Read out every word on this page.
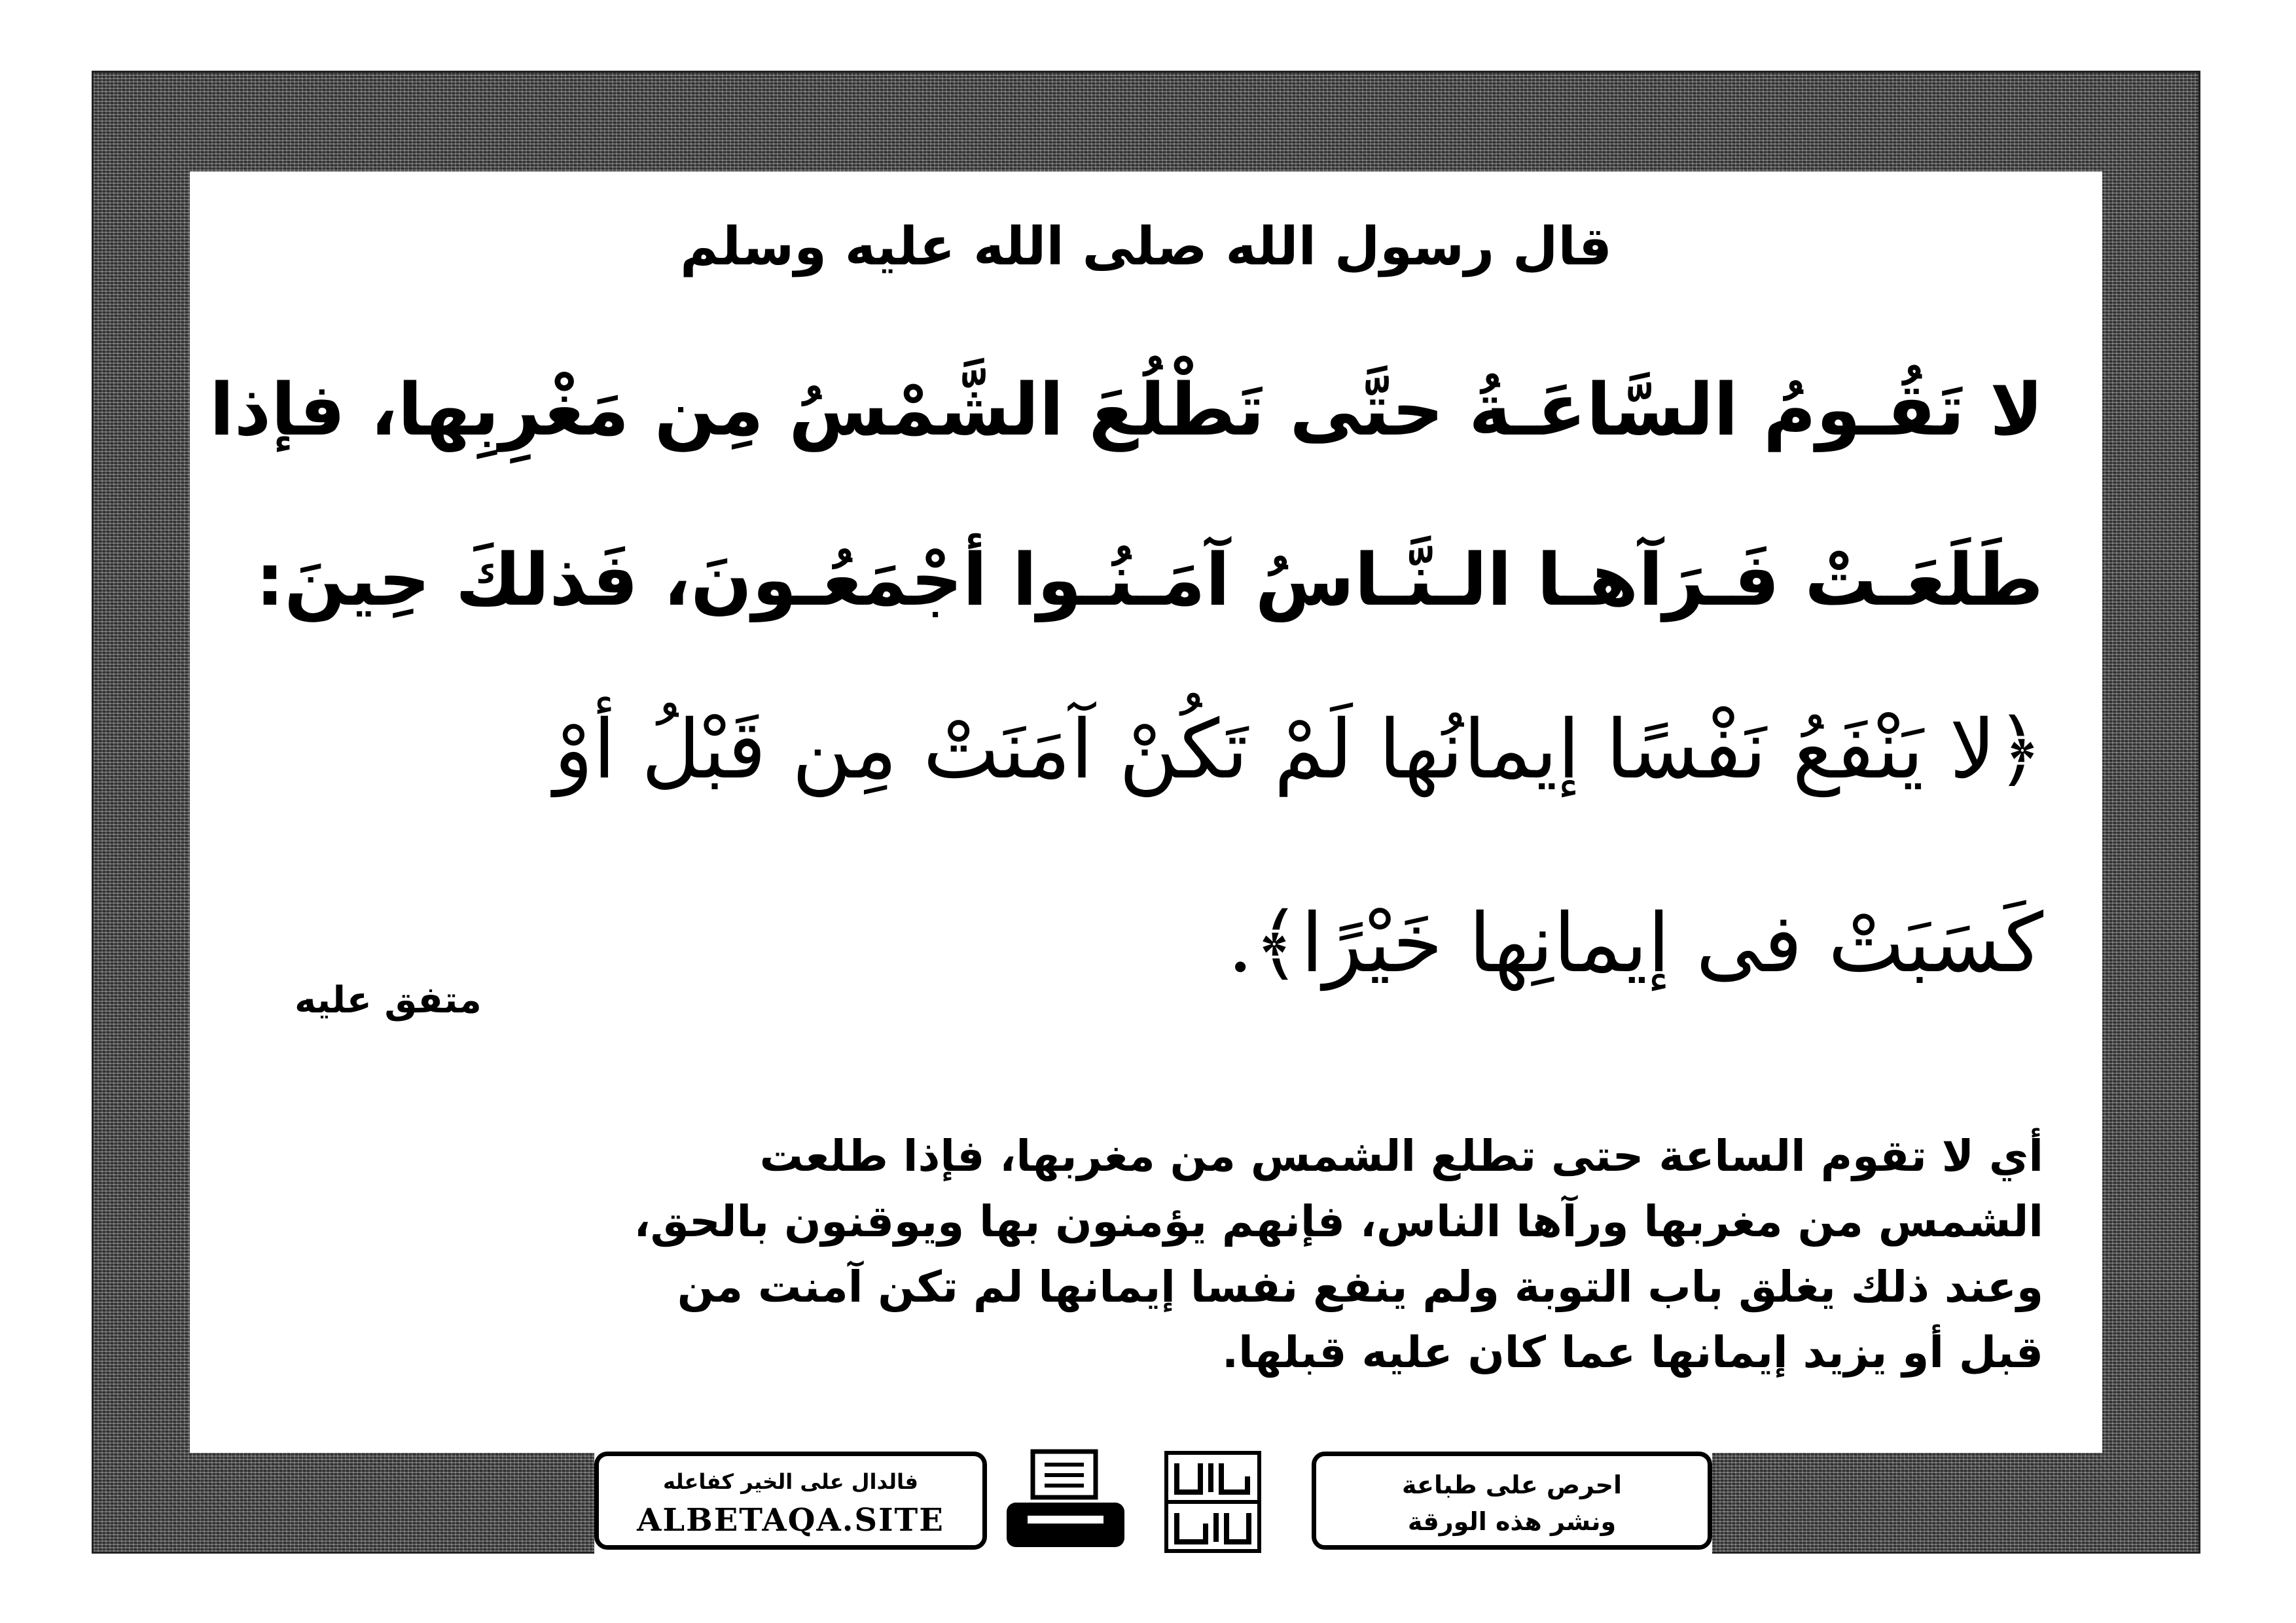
قال رسول الله صلى الله عليه وسلم
لا تَقُـومُ السَّاعَـةُ حتَّى تَطْلُعَ الشَّمْسُ مِن مَغْرِبِها، فإذا
طَلَعَـتْ فَـرَآهـا الـنَّـاسُ آمَـنُـوا أجْمَعُـونَ، فَذلكَ حِينَ:
﴿لا يَنْفَعُ نَفْسًا إيمانُها لَمْ تَكُنْ آمَنَتْ مِن قَبْلُ أوْ
كَسَبَتْ فى إيمانِها خَيْرًا﴾.
متفق عليه
أي لا تقوم الساعة حتى تطلع الشمس من مغربها، فإذا طلعت
الشمس من مغربها ورآها الناس، فإنهم يؤمنون بها ويوقنون بالحق،
وعند ذلك يغلق باب التوبة ولم ينفع نفسا إيمانها لم تكن آمنت من
قبل أو يزيد إيمانها عما كان عليه قبلها.
فالدال على الخير كفاعله
ALBETAQA.SITE
احرص على طباعة
ونشر هذه الورقة
